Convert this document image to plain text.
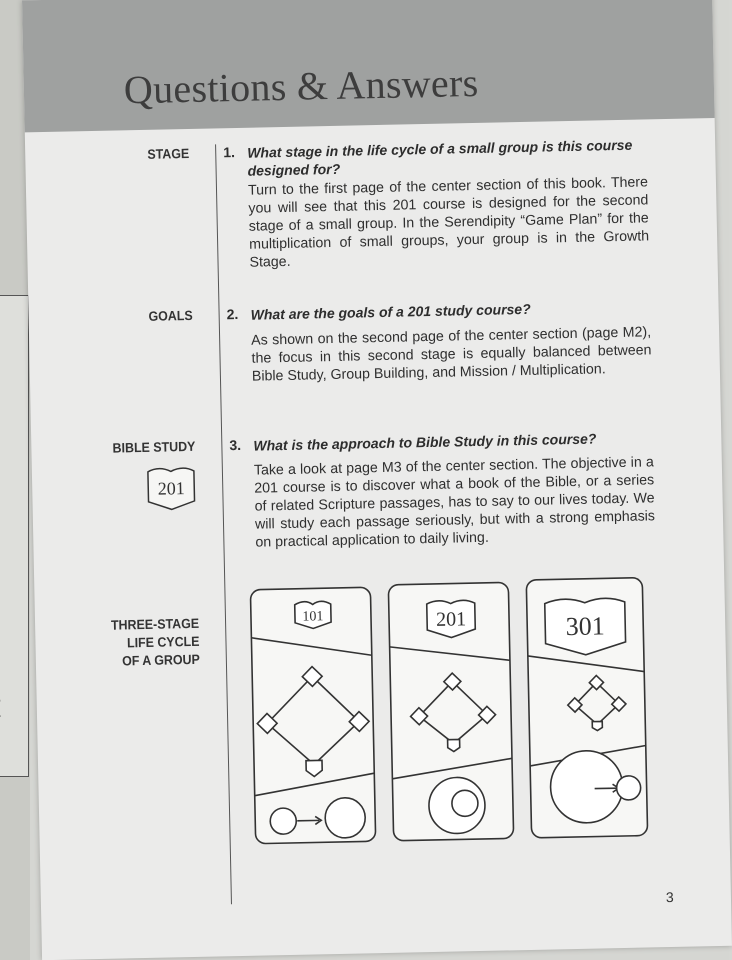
Questions & Answers
STAGE 1. What stage in the life cycle of a small group is this course designed for?
Turn to the first page of the center section of this book. There you will see that this 201 course is designed for the second stage of a small group. In the Serendipity “Game Plan” for the multiplication of small groups, your group is in the Growth Stage.
GOALS 2. What are the goals of a 201 study course?
As shown on the second page of the center section (page M2), the focus in this second stage is equally balanced between Bible Study, Group Building, and Mission / Multiplication.
BIBLE STUDY 3. What is the approach to Bible Study in this course?
Take a look at page M3 of the center section. The objective in a 201 course is to discover what a book of the Bible, or a series of related Scripture passages, has to say to our lives today. We will study each passage seriously, but with a strong emphasis on practical application to daily living.
201
THREE-STAGE
LIFE CYCLE
OF A GROUP
101	201	301
3
